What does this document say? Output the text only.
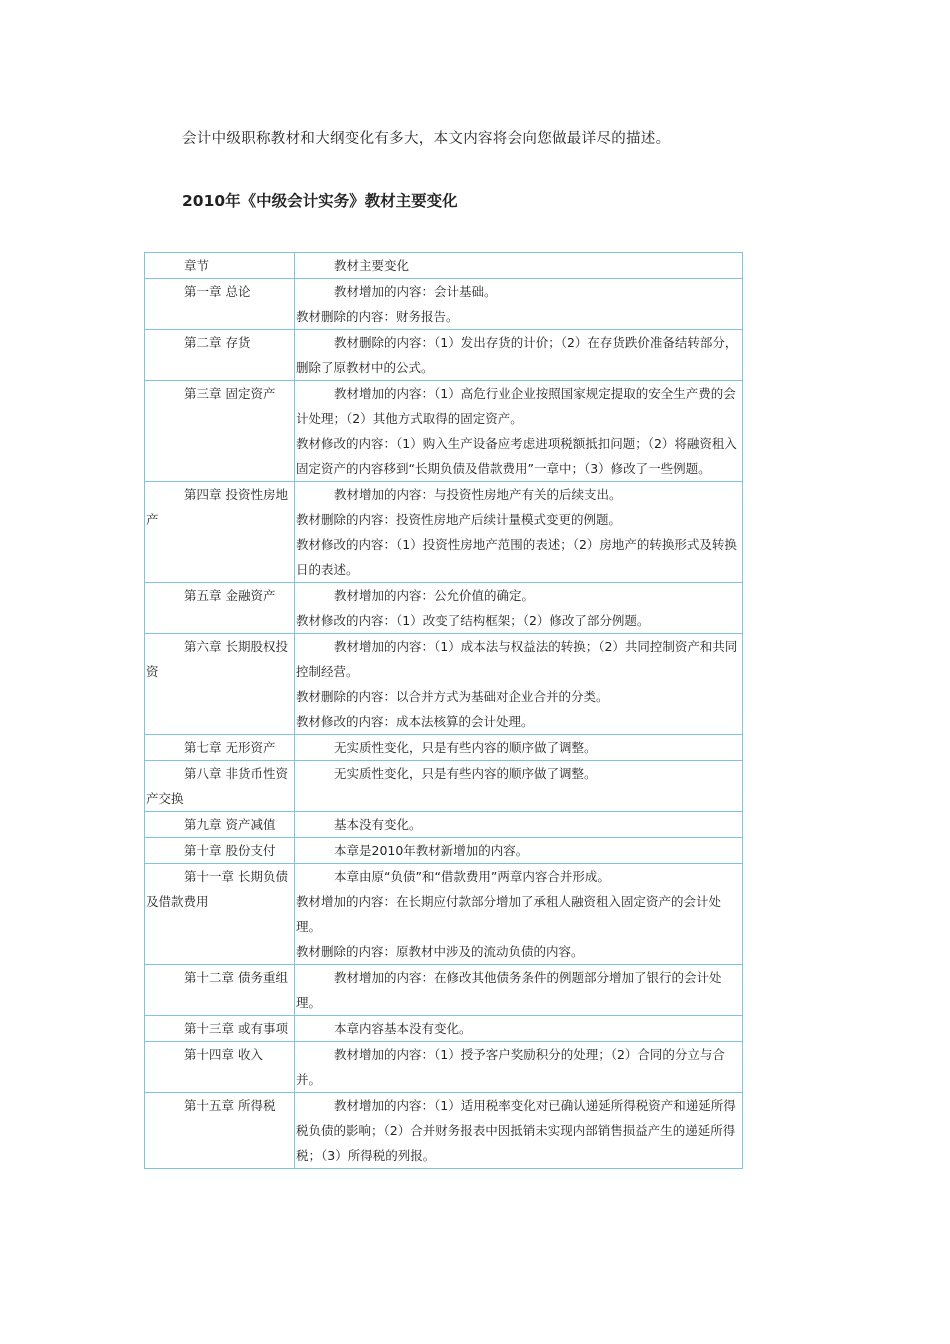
会计中级职称教材和大纲变化有多大，本文内容将会向您做最详尽的描述。

2010年《中级会计实务》教材主要变化
章节	教材主要变化
第一章 总论	教材增加的内容：会计基础。
教材删除的内容：财务报告。

第二章 存货	教材删除的内容：（1）发出存货的计价；（2）在存货跌价准备结转部分，删除了原教材中的公式。

第三章 固定资产	教材增加的内容：（1）高危行业企业按照国家规定提取的安全生产费的会计处理；（2）其他方式取得的固定资产。
教材修改的内容：（1）购入生产设备应考虑进项税额抵扣问题；（2）将融资租入固定资产的内容移到“长期负债及借款费用”一章中；（3）修改了一些例题。

第四章 投资性房地产	教材增加的内容：与投资性房地产有关的后续支出。
教材删除的内容：投资性房地产后续计量模式变更的例题。
教材修改的内容：（1）投资性房地产范围的表述；（2）房地产的转换形式及转换日的表述。

第五章 金融资产	教材增加的内容：公允价值的确定。
教材修改的内容：（1）改变了结构框架；（2）修改了部分例题。

第六章 长期股权投资	教材增加的内容：（1）成本法与权益法的转换；（2）共同控制资产和共同控制经营。
教材删除的内容：以合并方式为基础对企业合并的分类。
教材修改的内容：成本法核算的会计处理。

第七章 无形资产	无实质性变化，只是有些内容的顺序做了调整。

第八章 非货币性资产交换	无实质性变化，只是有些内容的顺序做了调整。

第九章 资产减值	基本没有变化。

第十章 股份支付	本章是2010年教材新增加的内容。

第十一章 长期负债及借款费用	本章由原“负债”和“借款费用”两章内容合并形成。
教材增加的内容：在长期应付款部分增加了承租人融资租入固定资产的会计处理。
教材删除的内容：原教材中涉及的流动负债的内容。

第十二章 债务重组	教材增加的内容：在修改其他债务条件的例题部分增加了银行的会计处理。

第十三章 或有事项	本章内容基本没有变化。

第十四章 收入	教材增加的内容：（1）授予客户奖励积分的处理；（2）合同的分立与合并。

第十五章 所得税	教材增加的内容：（1）适用税率变化对已确认递延所得税资产和递延所得税负债的影响；（2）合并财务报表中因抵销未实现内部销售损益产生的递延所得税；（3）所得税的列报。
